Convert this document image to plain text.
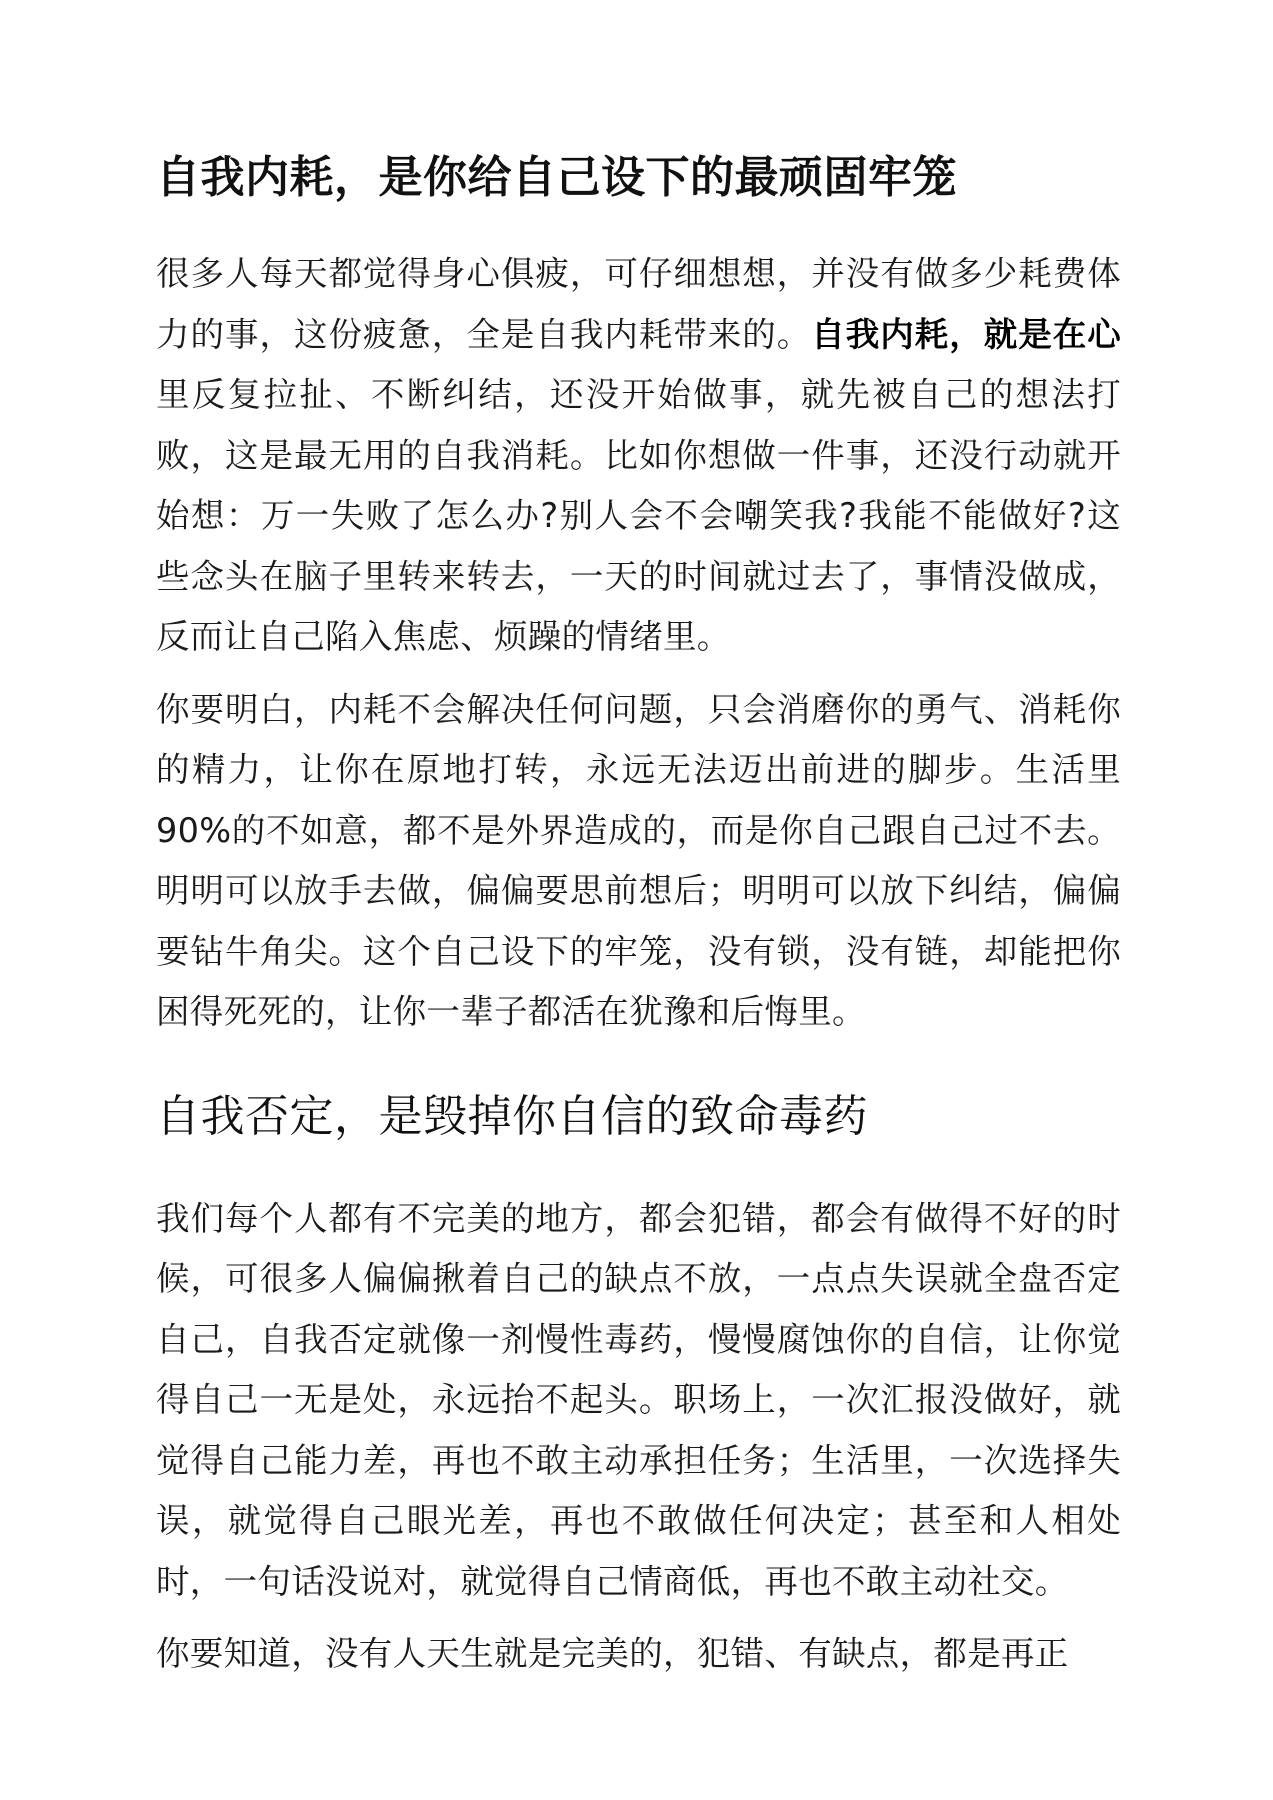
自我内耗，是你给自己设下的最顽固牢笼

很多人每天都觉得身心俱疲，可仔细想想，并没有做多少耗费体力的事，这份疲惫，全是自我内耗带来的。自我内耗，就是在心里反复拉扯、不断纠结，还没开始做事，就先被自己的想法打败，这是最无用的自我消耗。比如你想做一件事，还没行动就开始想：万一失败了怎么办?别人会不会嘲笑我?我能不能做好?这些念头在脑子里转来转去，一天的时间就过去了，事情没做成，反而让自己陷入焦虑、烦躁的情绪里。

你要明白，内耗不会解决任何问题，只会消磨你的勇气、消耗你的精力，让你在原地打转，永远无法迈出前进的脚步。生活里90%的不如意，都不是外界造成的，而是你自己跟自己过不去。明明可以放手去做，偏偏要思前想后；明明可以放下纠结，偏偏要钻牛角尖。这个自己设下的牢笼，没有锁，没有链，却能把你困得死死的，让你一辈子都活在犹豫和后悔里。

自我否定，是毁掉你自信的致命毒药

我们每个人都有不完美的地方，都会犯错，都会有做得不好的时候，可很多人偏偏揪着自己的缺点不放，一点点失误就全盘否定自己，自我否定就像一剂慢性毒药，慢慢腐蚀你的自信，让你觉得自己一无是处，永远抬不起头。职场上，一次汇报没做好，就觉得自己能力差，再也不敢主动承担任务；生活里，一次选择失误，就觉得自己眼光差，再也不敢做任何决定；甚至和人相处时，一句话没说对，就觉得自己情商低，再也不敢主动社交。

你要知道，没有人天生就是完美的，犯错、有缺点，都是再正
